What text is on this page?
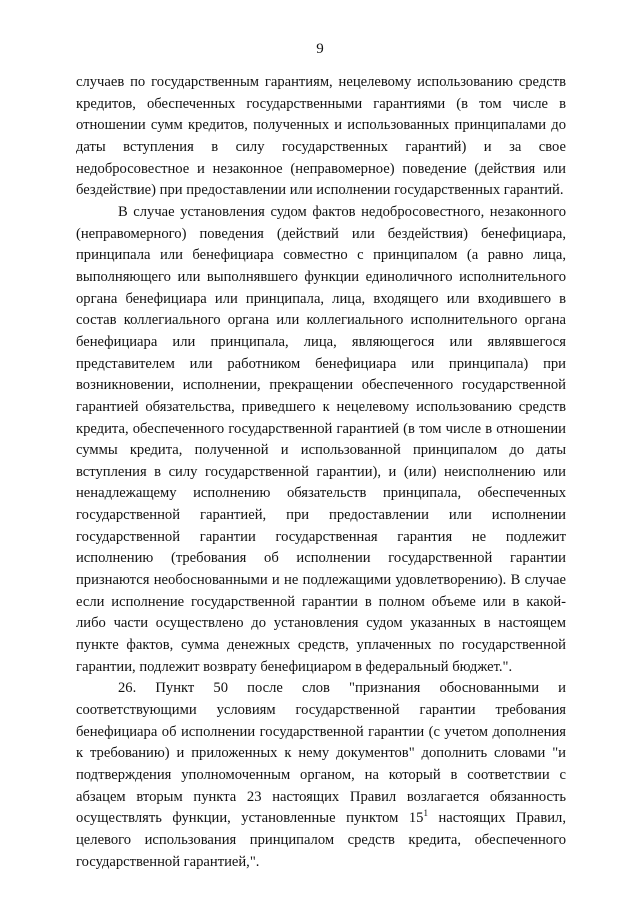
9

случаев по государственным гарантиям, нецелевому использованию средств кредитов, обеспеченных государственными гарантиями (в том числе в отношении сумм кредитов, полученных и использованных принципалами до даты вступления в силу государственных гарантий) и за свое недобросовестное и незаконное (неправомерное) поведение (действия или бездействие) при предоставлении или исполнении государственных гарантий.

В случае установления судом фактов недобросовестного, незаконного (неправомерного) поведения (действий или бездействия) бенефициара, принципала или бенефициара совместно с принципалом (а равно лица, выполняющего или выполнявшего функции единоличного исполнительного органа бенефициара или принципала, лица, входящего или входившего в состав коллегиального органа или коллегиального исполнительного органа бенефициара или принципала, лица, являющегося или являвшегося представителем или работником бенефициара или принципала) при возникновении, исполнении, прекращении обеспеченного государственной гарантией обязательства, приведшего к нецелевому использованию средств кредита, обеспеченного государственной гарантией (в том числе в отношении суммы кредита, полученной и использованной принципалом до даты вступления в силу государственной гарантии), и (или) неисполнению или ненадлежащему исполнению обязательств принципала, обеспеченных государственной гарантией, при предоставлении или исполнении государственной гарантии государственная гарантия не подлежит исполнению (требования об исполнении государственной гарантии признаются необоснованными и не подлежащими удовлетворению). В случае если исполнение государственной гарантии в полном объеме или в какой-либо части осуществлено до установления судом указанных в настоящем пункте фактов, сумма денежных средств, уплаченных по государственной гарантии, подлежит возврату бенефициаром в федеральный бюджет.".

26. Пункт 50 после слов "признания обоснованными и соответствующими условиям государственной гарантии требования бенефициара об исполнении государственной гарантии (с учетом дополнения к требованию) и приложенных к нему документов" дополнить словами "и подтверждения уполномоченным органом, на который в соответствии с абзацем вторым пункта 23 настоящих Правил возлагается обязанность осуществлять функции, установленные пунктом $15^1$ настоящих Правил, целевого использования принципалом средств кредита, обеспеченного государственной гарантией,".
